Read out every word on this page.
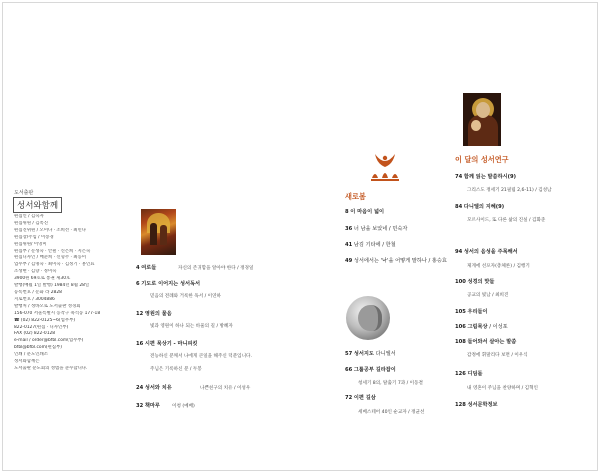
도서출판
성서와함께
편집인 / 김숙자
편집위원 / 김옥진
편집진위원 / 오미나 · 조희선 · 최민나
편집장/주임 / 이송경
편집위원/ 이영미
편집부 / 문성숙 · 안필 · 신은희 · 지은숙
편집디자인 / 배준희 · 신형주 · 최동미
업무부 / 김명숙 · 최미숙 · 김정기 · 홍인표
조성현 · 김향 · 정미숙
3900원 69호로 통권 제30호
발행(매월 1일 발행) 1984년 8월 28일
등록번호 / 문화 라 2828
지로번호 / 3004886
발행처 / 성바오로 도서출판 성경회
156-070 서울특별시 동작구 흑석동 177-18
☎ (02) 822-0125~6(업무부)
822-0127(편집 · 디자인부)
FAX (02) 822-0128
e-mail / order@bfbl.com(업무부)
bfbl@bfbl.com(편집부)
인쇄 / 분도인쇄소
성서와함께는
도서출판 분도회의 성범을 준수합니다.
4 여로들	자신의 존귀함을 알아야 한다 / 정경일
6 기도로 이어지는 성서독서
믿음의 전례와 거룩한 독서 / 이연하
12 영원의 물음
빛과 영원이 하나 되는 바울의 길 / 방혜자
16 시편 묵상기 - 마니피킷
전능하신 분께서 나에게 큰일을 해주신 덕분입니다.
주님은 기록하신 분 / 두봉
24 성서와 치유	나쁜친구의 치유 / 이성우
32 책마루	이청 (예배)
새로봄
8 이 마음이 넓이
36 너 남을 보았네 / 민숙자
41 남김 기타에 / 한철
49 성서에서는 '낙'을 어떻게 말하나 / 홍승효
57 성서지도 다니엘서
66 그룹공부 길라잡이
청세기 8의, 탈출기 7과 / 이동결
72 이편 길삼
세베스테어 40인 순교자 / 정균선
이 달의 성서연구
74 함께 읽는 말씀하시(9)
그리스도 정세기 21필립 2,6-11) / 김성남
84 다니엘의 지혜(9)
모르사이드, 또 다른 삶의 진실 / 김화준
94 성서의 음성을 주목해서
제게에 선포자(총체론) / 김행기
100 성경의 맛들
공교의 빛남 / 최희진
105 우리들이
106 그림묵상 / 이성포
108 들어와서 살아는 말씀
감정에 휘말리다 보면 / 이우식
126 디딤돌
내 영혼이 주님을 찬양하며 / 김혁인
128 성서문학정보
